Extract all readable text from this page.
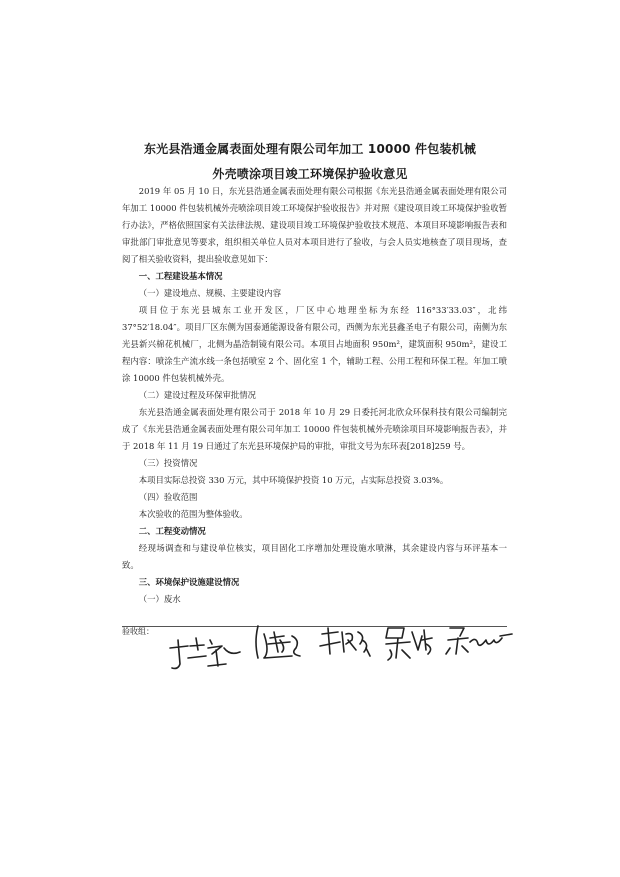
东光县浩通金属表面处理有限公司年加工 10000 件包装机械
外壳喷涂项目竣工环境保护验收意见

2019 年 05 月 10 日，东光县浩通金属表面处理有限公司根据《东光县浩通金属表面处理有限公司年加工 10000 件包装机械外壳喷涂项目竣工环境保护验收报告》并对照《建设项目竣工环境保护验收暂行办法》，严格依照国家有关法律法规、建设项目竣工环境保护验收技术规范、本项目环境影响报告表和审批部门审批意见等要求，组织相关单位人员对本项目进行了验收，与会人员实地核查了项目现场，查阅了相关验收资料，提出验收意见如下：

一、工程建设基本情况

（一）建设地点、规模、主要建设内容

项目位于东光县城东工业开发区，厂区中心地理坐标为东经 116°33′33.03″，北纬 37°52′18.04″。项目厂区东侧为国泰通能源设备有限公司，西侧为东光县鑫圣电子有限公司，南侧为东光县新兴棉花机械厂，北侧为晶浩制镜有限公司。本项目占地面积 950m²，建筑面积 950m²，建设工程内容：喷涂生产流水线一条包括喷室 2 个、固化室 1 个，辅助工程、公用工程和环保工程。年加工喷涂 10000 件包装机械外壳。

（二）建设过程及环保审批情况

东光县浩通金属表面处理有限公司于 2018 年 10 月 29 日委托河北欣众环保科技有限公司编制完成了《东光县浩通金属表面处理有限公司年加工 10000 件包装机械外壳喷涂项目环境影响报告表》，并于 2018 年 11 月 19 日通过了东光县环境保护局的审批，审批文号为东环表[2018]259 号。

（三）投资情况

本项目实际总投资 330 万元，其中环境保护投资 10 万元，占实际总投资 3.03%。

（四）验收范围

本次验收的范围为整体验收。

二、工程变动情况

经现场调查和与建设单位核实，项目固化工序增加处理设施水喷淋，其余建设内容与环评基本一致。

三、环境保护设施建设情况

（一）废水

验收组：
